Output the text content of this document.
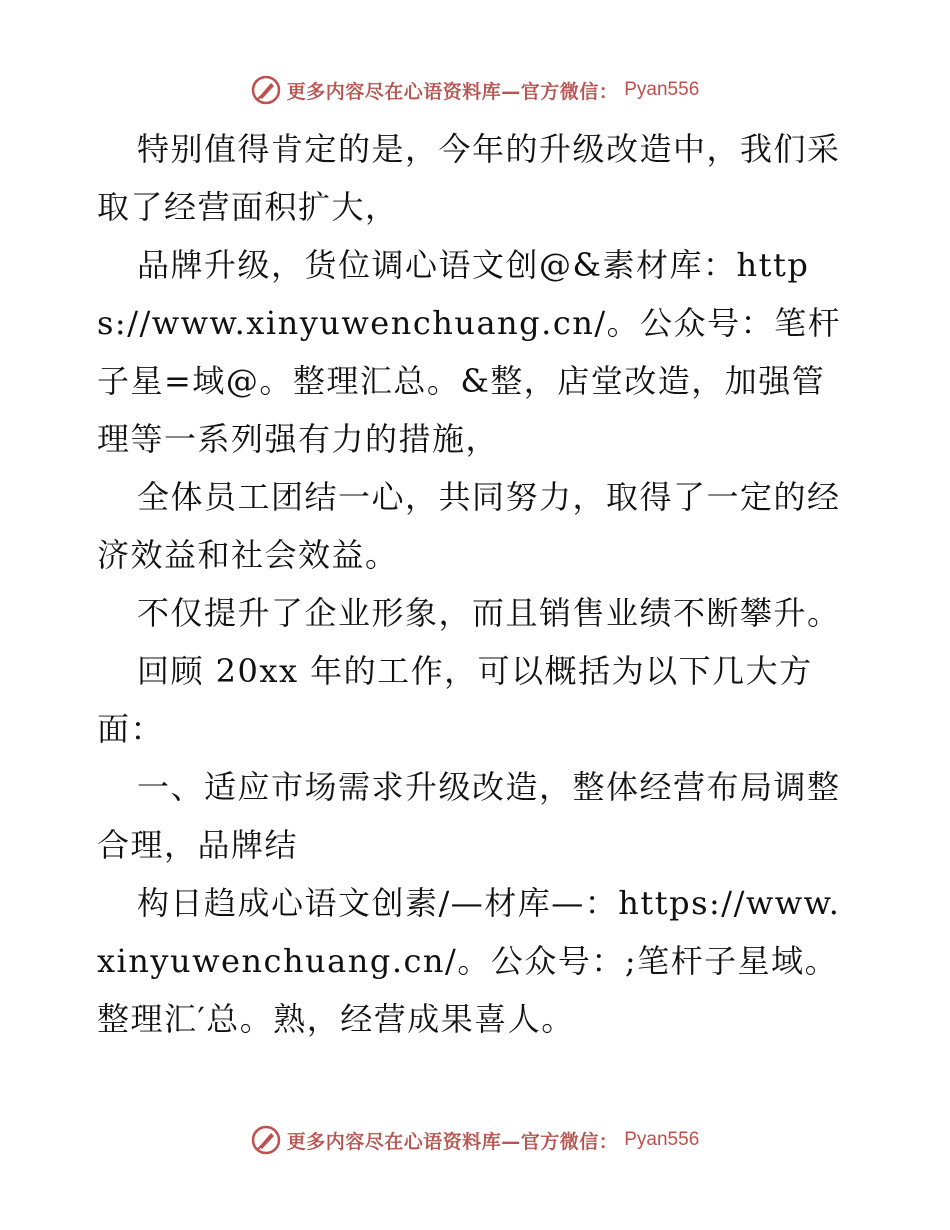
更多内容尽在心语资料库—官方微信： Pyan556

特别值得肯定的是，今年的升级改造中，我们采取了经营面积扩大，

品牌升级，货位调心语文创@&素材库：https://www.xinyuwenchuang.cn/。公众号：笔杆子星=域@。整理汇总。&整，店堂改造，加强管理等一系列强有力的措施，

全体员工团结一心，共同努力，取得了一定的经济效益和社会效益。

不仅提升了企业形象，而且销售业绩不断攀升。

回顾 20xx 年的工作，可以概括为以下几大方面：

一、适应市场需求升级改造，整体经营布局调整合理，品牌结

构日趋成心语文创素/—材库—：https://www.xinyuwenchuang.cn/。公众号：;笔杆子星域。整理汇′总。熟，经营成果喜人。

更多内容尽在心语资料库—官方微信： Pyan556
